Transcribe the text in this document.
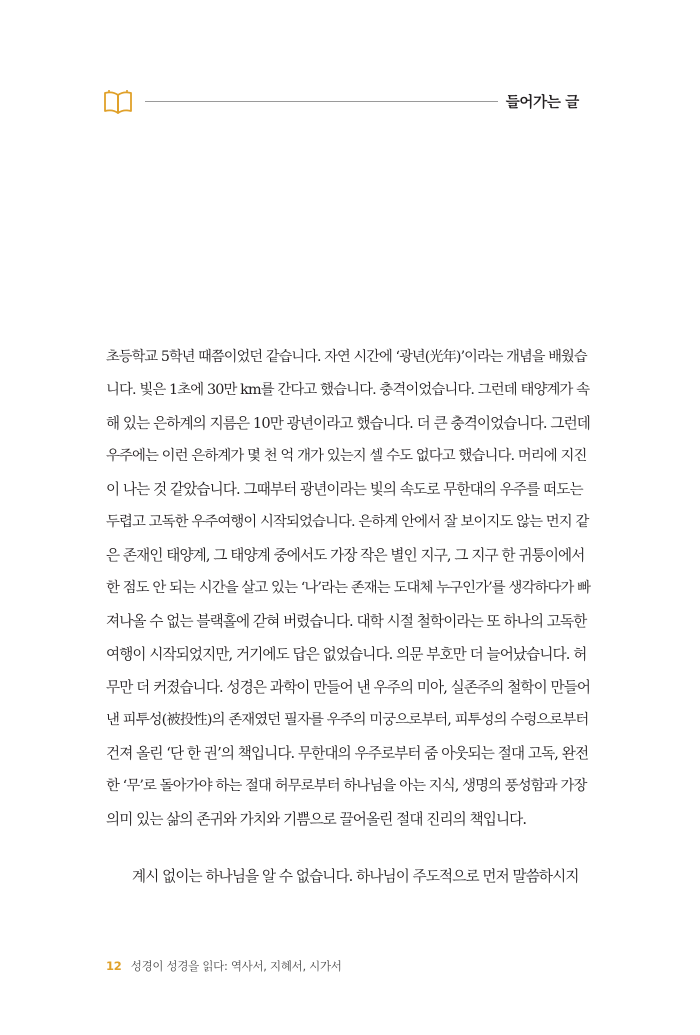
들어가는 글
초등학교 5학년 때쯤이었던 같습니다. 자연 시간에 ‘광년(光年)’이라는 개념을 배웠습
니다. 빛은 1초에 30만 km를 간다고 했습니다. 충격이었습니다. 그런데 태양계가 속
해 있는 은하계의 지름은 10만 광년이라고 했습니다. 더 큰 충격이었습니다. 그런데
우주에는 이런 은하계가 몇 천 억 개가 있는지 셀 수도 없다고 했습니다. 머리에 지진
이 나는 것 같았습니다. 그때부터 광년이라는 빛의 속도로 무한대의 우주를 떠도는
두렵고 고독한 우주여행이 시작되었습니다. 은하계 안에서 잘 보이지도 않는 먼지 같
은 존재인 태양계, 그 태양계 중에서도 가장 작은 별인 지구, 그 지구 한 귀퉁이에서
한 점도 안 되는 시간을 살고 있는 ‘나’라는 존재는 도대체 누구인가’를 생각하다가 빠
져나올 수 없는 블랙홀에 갇혀 버렸습니다. 대학 시절 철학이라는 또 하나의 고독한
여행이 시작되었지만, 거기에도 답은 없었습니다. 의문 부호만 더 늘어났습니다. 허
무만 더 커졌습니다. 성경은 과학이 만들어 낸 우주의 미아, 실존주의 철학이 만들어
낸 피투성(被投性)의 존재였던 필자를 우주의 미궁으로부터, 피투성의 수렁으로부터
건져 올린 ‘단 한 권’의 책입니다. 무한대의 우주로부터 줌 아웃되는 절대 고독, 완전
한 ‘무’로 돌아가야 하는 절대 허무로부터 하나님을 아는 지식, 생명의 풍성함과 가장
의미 있는 삶의 존귀와 가치와 기쁨으로 끌어올린 절대 진리의 책입니다.
계시 없이는 하나님을 알 수 없습니다. 하나님이 주도적으로 먼저 말씀하시지
12 성경이 성경을 읽다: 역사서, 지혜서, 시가서
